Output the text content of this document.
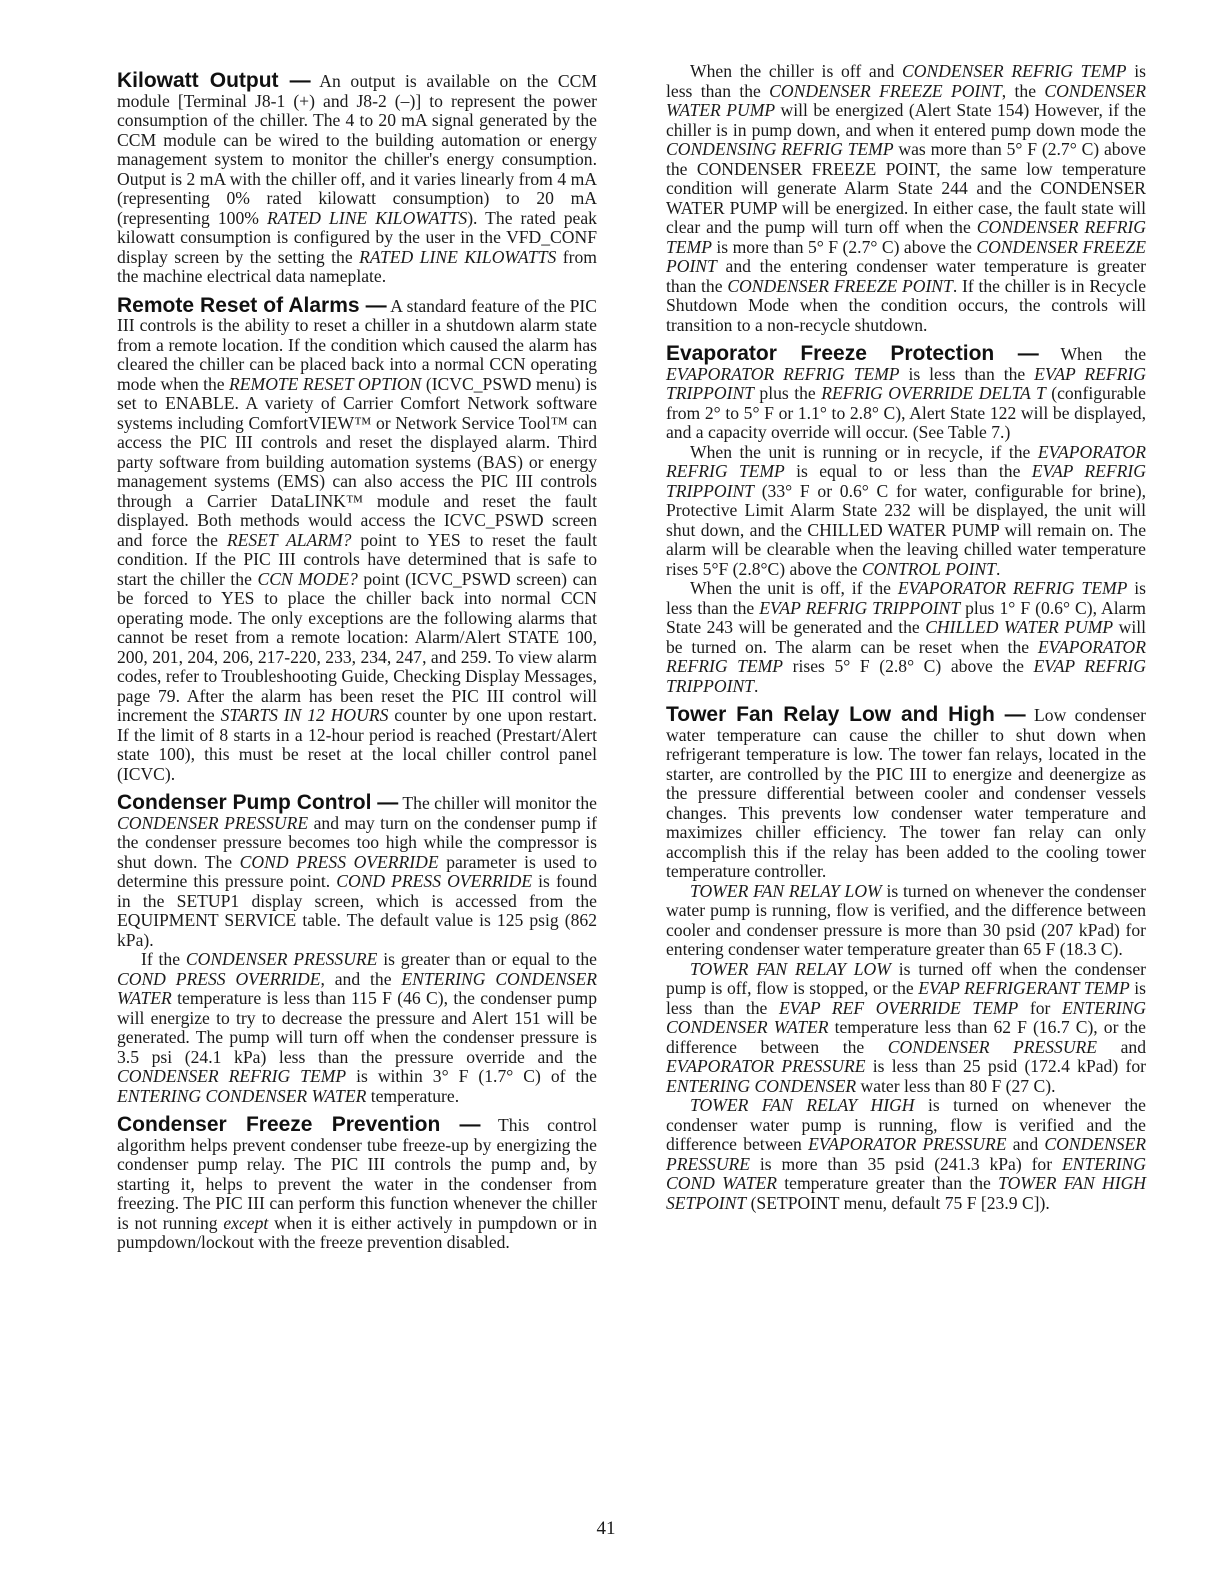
Kilowatt Output — An output is available on the CCM module [Terminal J8-1 (+) and J8-2 (–)] to represent the power consumption of the chiller. The 4 to 20 mA signal generated by the CCM module can be wired to the building automation or energy management system to monitor the chiller's energy consumption. Output is 2 mA with the chiller off, and it varies linearly from 4 mA (representing 0% rated kilowatt consumption) to 20 mA (representing 100% RATED LINE KILOWATTS). The rated peak kilowatt consumption is configured by the user in the VFD_CONF display screen by the setting the RATED LINE KILOWATTS from the machine electrical data nameplate.

Remote Reset of Alarms — A standard feature of the PIC III controls is the ability to reset a chiller in a shutdown alarm state from a remote location. If the condition which caused the alarm has cleared the chiller can be placed back into a normal CCN operating mode when the REMOTE RESET OPTION (ICVC_PSWD menu) is set to ENABLE. A variety of Carrier Comfort Network software systems including ComfortVIEW™ or Network Service Tool™ can access the PIC III controls and reset the displayed alarm. Third party software from building automation systems (BAS) or energy management systems (EMS) can also access the PIC III controls through a Carrier DataLINK™ module and reset the fault displayed. Both methods would access the ICVC_PSWD screen and force the RESET ALARM? point to YES to reset the fault condition. If the PIC III controls have determined that is safe to start the chiller the CCN MODE? point (ICVC_PSWD screen) can be forced to YES to place the chiller back into normal CCN operating mode. The only exceptions are the following alarms that cannot be reset from a remote location: Alarm/Alert STATE 100, 200, 201, 204, 206, 217-220, 233, 234, 247, and 259. To view alarm codes, refer to Troubleshooting Guide, Checking Display Messages, page 79. After the alarm has been reset the PIC III control will increment the STARTS IN 12 HOURS counter by one upon restart. If the limit of 8 starts in a 12-hour period is reached (Prestart/Alert state 100), this must be reset at the local chiller control panel (ICVC).

Condenser Pump Control — The chiller will monitor the CONDENSER PRESSURE and may turn on the condenser pump if the condenser pressure becomes too high while the compressor is shut down. The COND PRESS OVERRIDE parameter is used to determine this pressure point. COND PRESS OVERRIDE is found in the SETUP1 display screen, which is accessed from the EQUIPMENT SERVICE table. The default value is 125 psig (862 kPa).

If the CONDENSER PRESSURE is greater than or equal to the COND PRESS OVERRIDE, and the ENTERING CONDENSER WATER temperature is less than 115 F (46 C), the condenser pump will energize to try to decrease the pressure and Alert 151 will be generated. The pump will turn off when the condenser pressure is 3.5 psi (24.1 kPa) less than the pressure override and the CONDENSER REFRIG TEMP is within 3° F (1.7° C) of the ENTERING CONDENSER WATER temperature.

Condenser Freeze Prevention — This control algorithm helps prevent condenser tube freeze-up by energizing the condenser pump relay. The PIC III controls the pump and, by starting it, helps to prevent the water in the condenser from freezing. The PIC III can perform this function whenever the chiller is not running except when it is either actively in pumpdown or in pumpdown/lockout with the freeze prevention disabled.

When the chiller is off and CONDENSER REFRIG TEMP is less than the CONDENSER FREEZE POINT, the CONDENSER WATER PUMP will be energized (Alert State 154) However, if the chiller is in pump down, and when it entered pump down mode the CONDENSING REFRIG TEMP was more than 5° F (2.7° C) above the CONDENSER FREEZE POINT, the same low temperature condition will generate Alarm State 244 and the CONDENSER WATER PUMP will be energized. In either case, the fault state will clear and the pump will turn off when the CONDENSER REFRIG TEMP is more than 5° F (2.7° C) above the CONDENSER FREEZE POINT and the entering condenser water temperature is greater than the CONDENSER FREEZE POINT. If the chiller is in Recycle Shutdown Mode when the condition occurs, the controls will transition to a non-recycle shutdown.

Evaporator Freeze Protection — When the EVAPORATOR REFRIG TEMP is less than the EVAP REFRIG TRIPPOINT plus the REFRIG OVERRIDE DELTA T (configurable from 2° to 5° F or 1.1° to 2.8° C), Alert State 122 will be displayed, and a capacity override will occur. (See Table 7.)

When the unit is running or in recycle, if the EVAPORATOR REFRIG TEMP is equal to or less than the EVAP REFRIG TRIPPOINT (33° F or 0.6° C for water, configurable for brine), Protective Limit Alarm State 232 will be displayed, the unit will shut down, and the CHILLED WATER PUMP will remain on. The alarm will be clearable when the leaving chilled water temperature rises 5°F (2.8°C) above the CONTROL POINT.

When the unit is off, if the EVAPORATOR REFRIG TEMP is less than the EVAP REFRIG TRIPPOINT plus 1° F (0.6° C), Alarm State 243 will be generated and the CHILLED WATER PUMP will be turned on. The alarm can be reset when the EVAPORATOR REFRIG TEMP rises 5° F (2.8° C) above the EVAP REFRIG TRIPPOINT.

Tower Fan Relay Low and High — Low condenser water temperature can cause the chiller to shut down when refrigerant temperature is low. The tower fan relays, located in the starter, are controlled by the PIC III to energize and deenergize as the pressure differential between cooler and condenser vessels changes. This prevents low condenser water temperature and maximizes chiller efficiency. The tower fan relay can only accomplish this if the relay has been added to the cooling tower temperature controller.

TOWER FAN RELAY LOW is turned on whenever the condenser water pump is running, flow is verified, and the difference between cooler and condenser pressure is more than 30 psid (207 kPad) for entering condenser water temperature greater than 65 F (18.3 C).

TOWER FAN RELAY LOW is turned off when the condenser pump is off, flow is stopped, or the EVAP REFRIGERANT TEMP is less than the EVAP REF OVERRIDE TEMP for ENTERING CONDENSER WATER temperature less than 62 F (16.7 C), or the difference between the CONDENSER PRESSURE and EVAPORATOR PRESSURE is less than 25 psid (172.4 kPad) for ENTERING CONDENSER water less than 80 F (27 C).

TOWER FAN RELAY HIGH is turned on whenever the condenser water pump is running, flow is verified and the difference between EVAPORATOR PRESSURE and CONDENSER PRESSURE is more than 35 psid (241.3 kPa) for ENTERING COND WATER temperature greater than the TOWER FAN HIGH SETPOINT (SETPOINT menu, default 75 F [23.9 C]).

41
